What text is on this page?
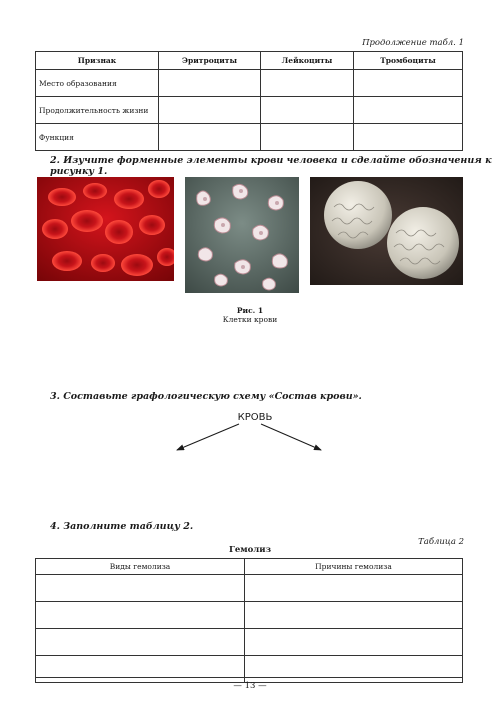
Продолжение табл. 1
Признак	Эритроциты	Лейкоциты	Тромбоциты
Место образования			
Продолжительность жизни			
Функция			
2. Изучите форменные элементы крови человека и сделайте обозначения к рисунку 1.
Рис. 1
Клетки крови
3. Составьте графологическую схему «Состав крови».
КРОВЬ
4. Заполните таблицу 2.
Таблица 2
Гемолиз
Виды гемолиза	Причины гемолиза

— 13 —
